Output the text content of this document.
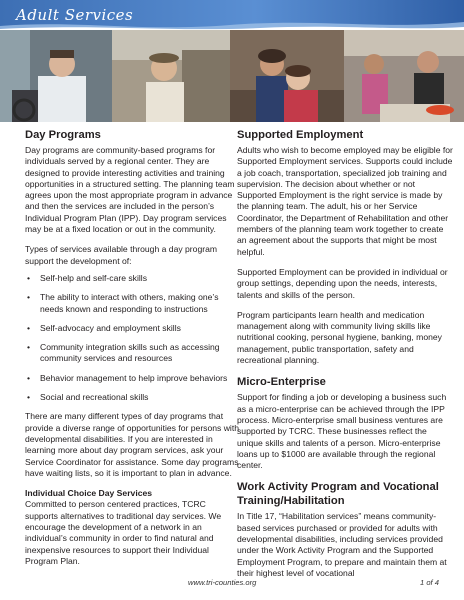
Adult Services
Day Programs

Day programs are community-based programs for individuals served by a regional center. They are designed to provide interesting activities and training opportunities in a structured setting. The planning team agrees upon the most appropriate program in advance and then the services are included in the person’s Individual Program Plan (IPP). Day program services may be at a fixed location or out in the community.

Types of services available through a day program support the development of:

• Self-help and self-care skills
• The ability to interact with others, making one’s needs known and responding to instructions
• Self-advocacy and employment skills
• Community integration skills such as accessing community services and resources
• Behavior management to help improve behaviors
• Social and recreational skills

There are many different types of day programs that provide a diverse range of opportunities for persons with developmental disabilities. If you are interested in learning more about day program services, ask your Service Coordinator for assistance. Some day programs have waiting lists, so it is important to plan in advance.

Individual Choice Day Services

Committed to person centered practices, TCRC supports alternatives to traditional day services. We encourage the development of a network in an individual’s community in order to find natural and inexpensive resources to support their Individual Program Plan.

Supported Employment

Adults who wish to become employed may be eligible for Supported Employment services. Supports could include a job coach, transportation, specialized job training and supervision. The decision about whether or not Supported Employment is the right service is made by the planning team. The adult, his or her Service Coordinator, the Department of Rehabilitation and other members of the planning team work together to create an agreement about the supports that might be most helpful.

Supported Employment can be provided in individual or group settings, depending upon the needs, interests, talents and skills of the person.

Program participants learn health and medication management along with community living skills like nutritional cooking, personal hygiene, banking, money management, public transportation, safety and recreational planning.

Micro-Enterprise

Support for finding a job or developing a business such as a micro-enterprise can be achieved through the IPP process. Micro-enterprise small business ventures are supported by TCRC. These businesses reflect the unique skills and talents of a person. Micro-enterprise loans up to $1000 are available through the regional center.

Work Activity Program and Vocational Training/Habilitation

In Title 17, “Habilitation services” means community-based services purchased or provided for adults with developmental disabilities, including services provided under the Work Activity Program and the Supported Employment Program, to prepare and maintain them at their highest level of vocational

www.tri-counties.org	1 of 4
